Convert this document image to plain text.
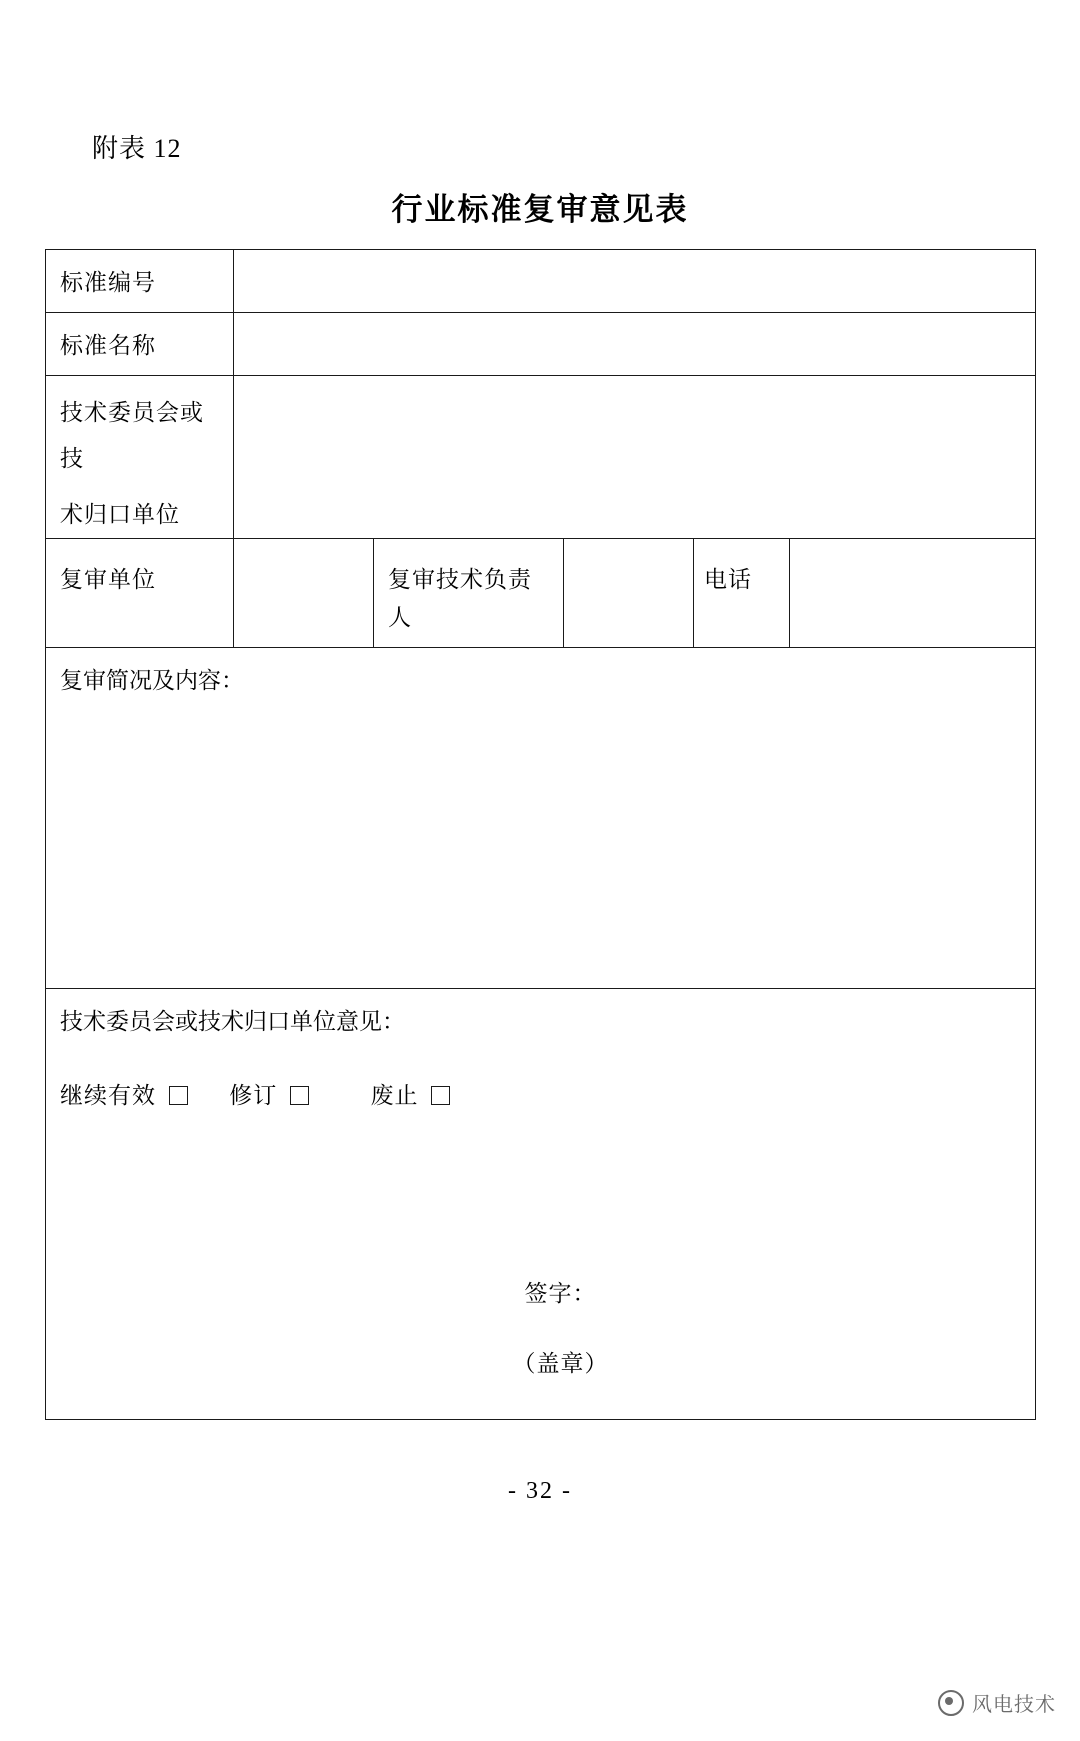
附表 12
行业标准复审意见表
标准编号					

标准名称					

技术委员会或技
术归口单位					

复审单位		复审技术负责人		电话	

复审简况及内容：					

技术委员会或技术归口单位意见：
继续有效 修订 废止
签字：
（盖章）					
- 32 -
风电技术
